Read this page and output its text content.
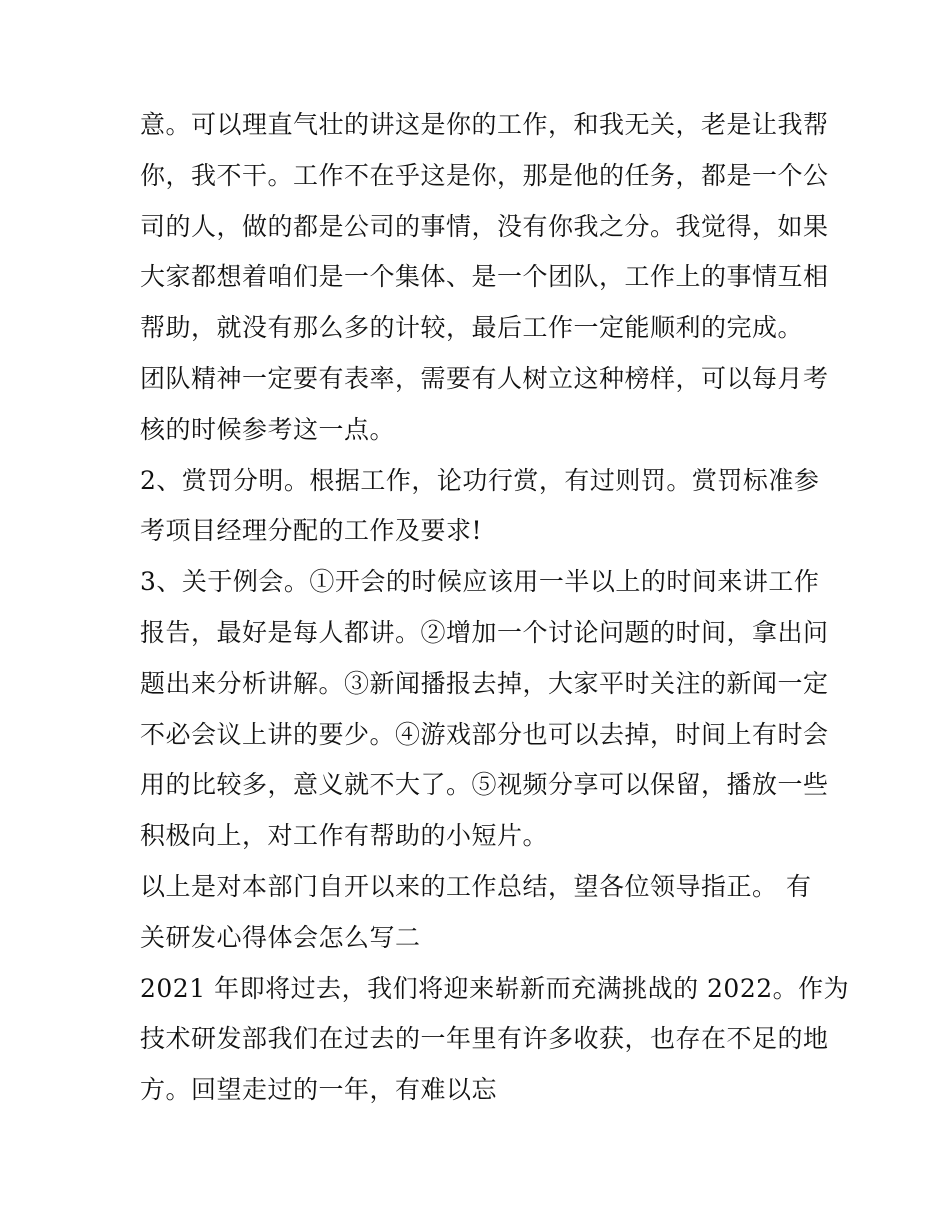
意。可以理直气壮的讲这是你的工作，和我无关，老是让我帮
你，我不干。工作不在乎这是你，那是他的任务，都是一个公
司的人，做的都是公司的事情，没有你我之分。我觉得，如果
大家都想着咱们是一个集体、是一个团队，工作上的事情互相
帮助，就没有那么多的计较，最后工作一定能顺利的完成。
团队精神一定要有表率，需要有人树立这种榜样，可以每月考
核的时候参考这一点。
2、赏罚分明。根据工作，论功行赏，有过则罚。赏罚标准参
考项目经理分配的工作及要求!
3、关于例会。①开会的时候应该用一半以上的时间来讲工作
报告，最好是每人都讲。②增加一个讨论问题的时间，拿出问
题出来分析讲解。③新闻播报去掉，大家平时关注的新闻一定
不必会议上讲的要少。④游戏部分也可以去掉，时间上有时会
用的比较多，意义就不大了。⑤视频分享可以保留，播放一些
积极向上，对工作有帮助的小短片。
以上是对本部门自开以来的工作总结，望各位领导指正。 有
关研发心得体会怎么写二
2021 年即将过去，我们将迎来崭新而充满挑战的 2022。作为
技术研发部我们在过去的一年里有许多收获，也存在不足的地
方。回望走过的一年，有难以忘
